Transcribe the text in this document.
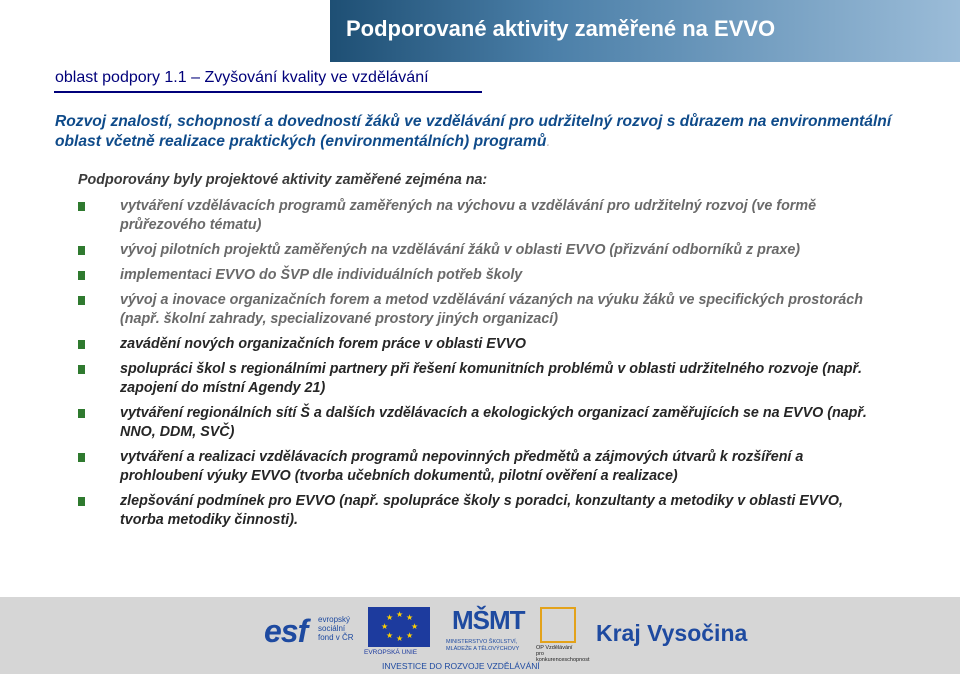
Podporované aktivity zaměřené na EVVO
oblast podpory 1.1 – Zvyšování kvality ve vzdělávání
Rozvoj znalostí, schopností a dovedností žáků ve vzdělávání pro udržitelný rozvoj s důrazem na environmentální oblast včetně realizace praktických (environmentálních) programů.
Podporovány byly projektové aktivity zaměřené zejména na:
vytváření vzdělávacích programů zaměřených na výchovu a vzdělávání pro udržitelný rozvoj (ve formě průřezového tématu)
vývoj pilotních projektů zaměřených na vzdělávání žáků v oblasti EVVO (přizvání odborníků z praxe)
implementaci EVVO do ŠVP dle individuálních potřeb školy
vývoj a inovace organizačních forem a metod vzdělávání vázaných na výuku žáků ve specifických prostorách (např. školní zahrady, specializované prostory jiných organizací)
zavádění nových organizačních forem práce v oblasti EVVO
spolupráci škol s regionálními partnery při řešení komunitních problémů v oblasti udržitelného rozvoje (např. zapojení do místní Agendy 21)
vytváření regionálních sítí Š a dalších vzdělávacích a ekologických organizací zaměřujících se na EVVO (např. NNO, DDM, SVČ)
vytváření a realizaci vzdělávacích programů nepovinných předmětů a zájmových útvarů k rozšíření a prohloubení výuky EVVO (tvorba učebních dokumentů, pilotní ověření a realizace)
zlepšování podmínek pro EVVO (např. spolupráce školy s poradci, konzultanty a metodiky v oblasti EVVO, tvorba metodiky činnosti).
esf evropský
sociální
fond v ČR
★ ★
★
★
★
★
★
★
EVROPSKÁ UNIE
MŠMT
MINISTERSTVO ŠKOLSTVÍ,
MLÁDEŽE A TĚLOVÝCHOVY	OP Vzdělávání
pro konkurenceschopnost
Kraj Vysočina
INVESTICE DO ROZVOJE VZDĚLÁVÁNÍ
